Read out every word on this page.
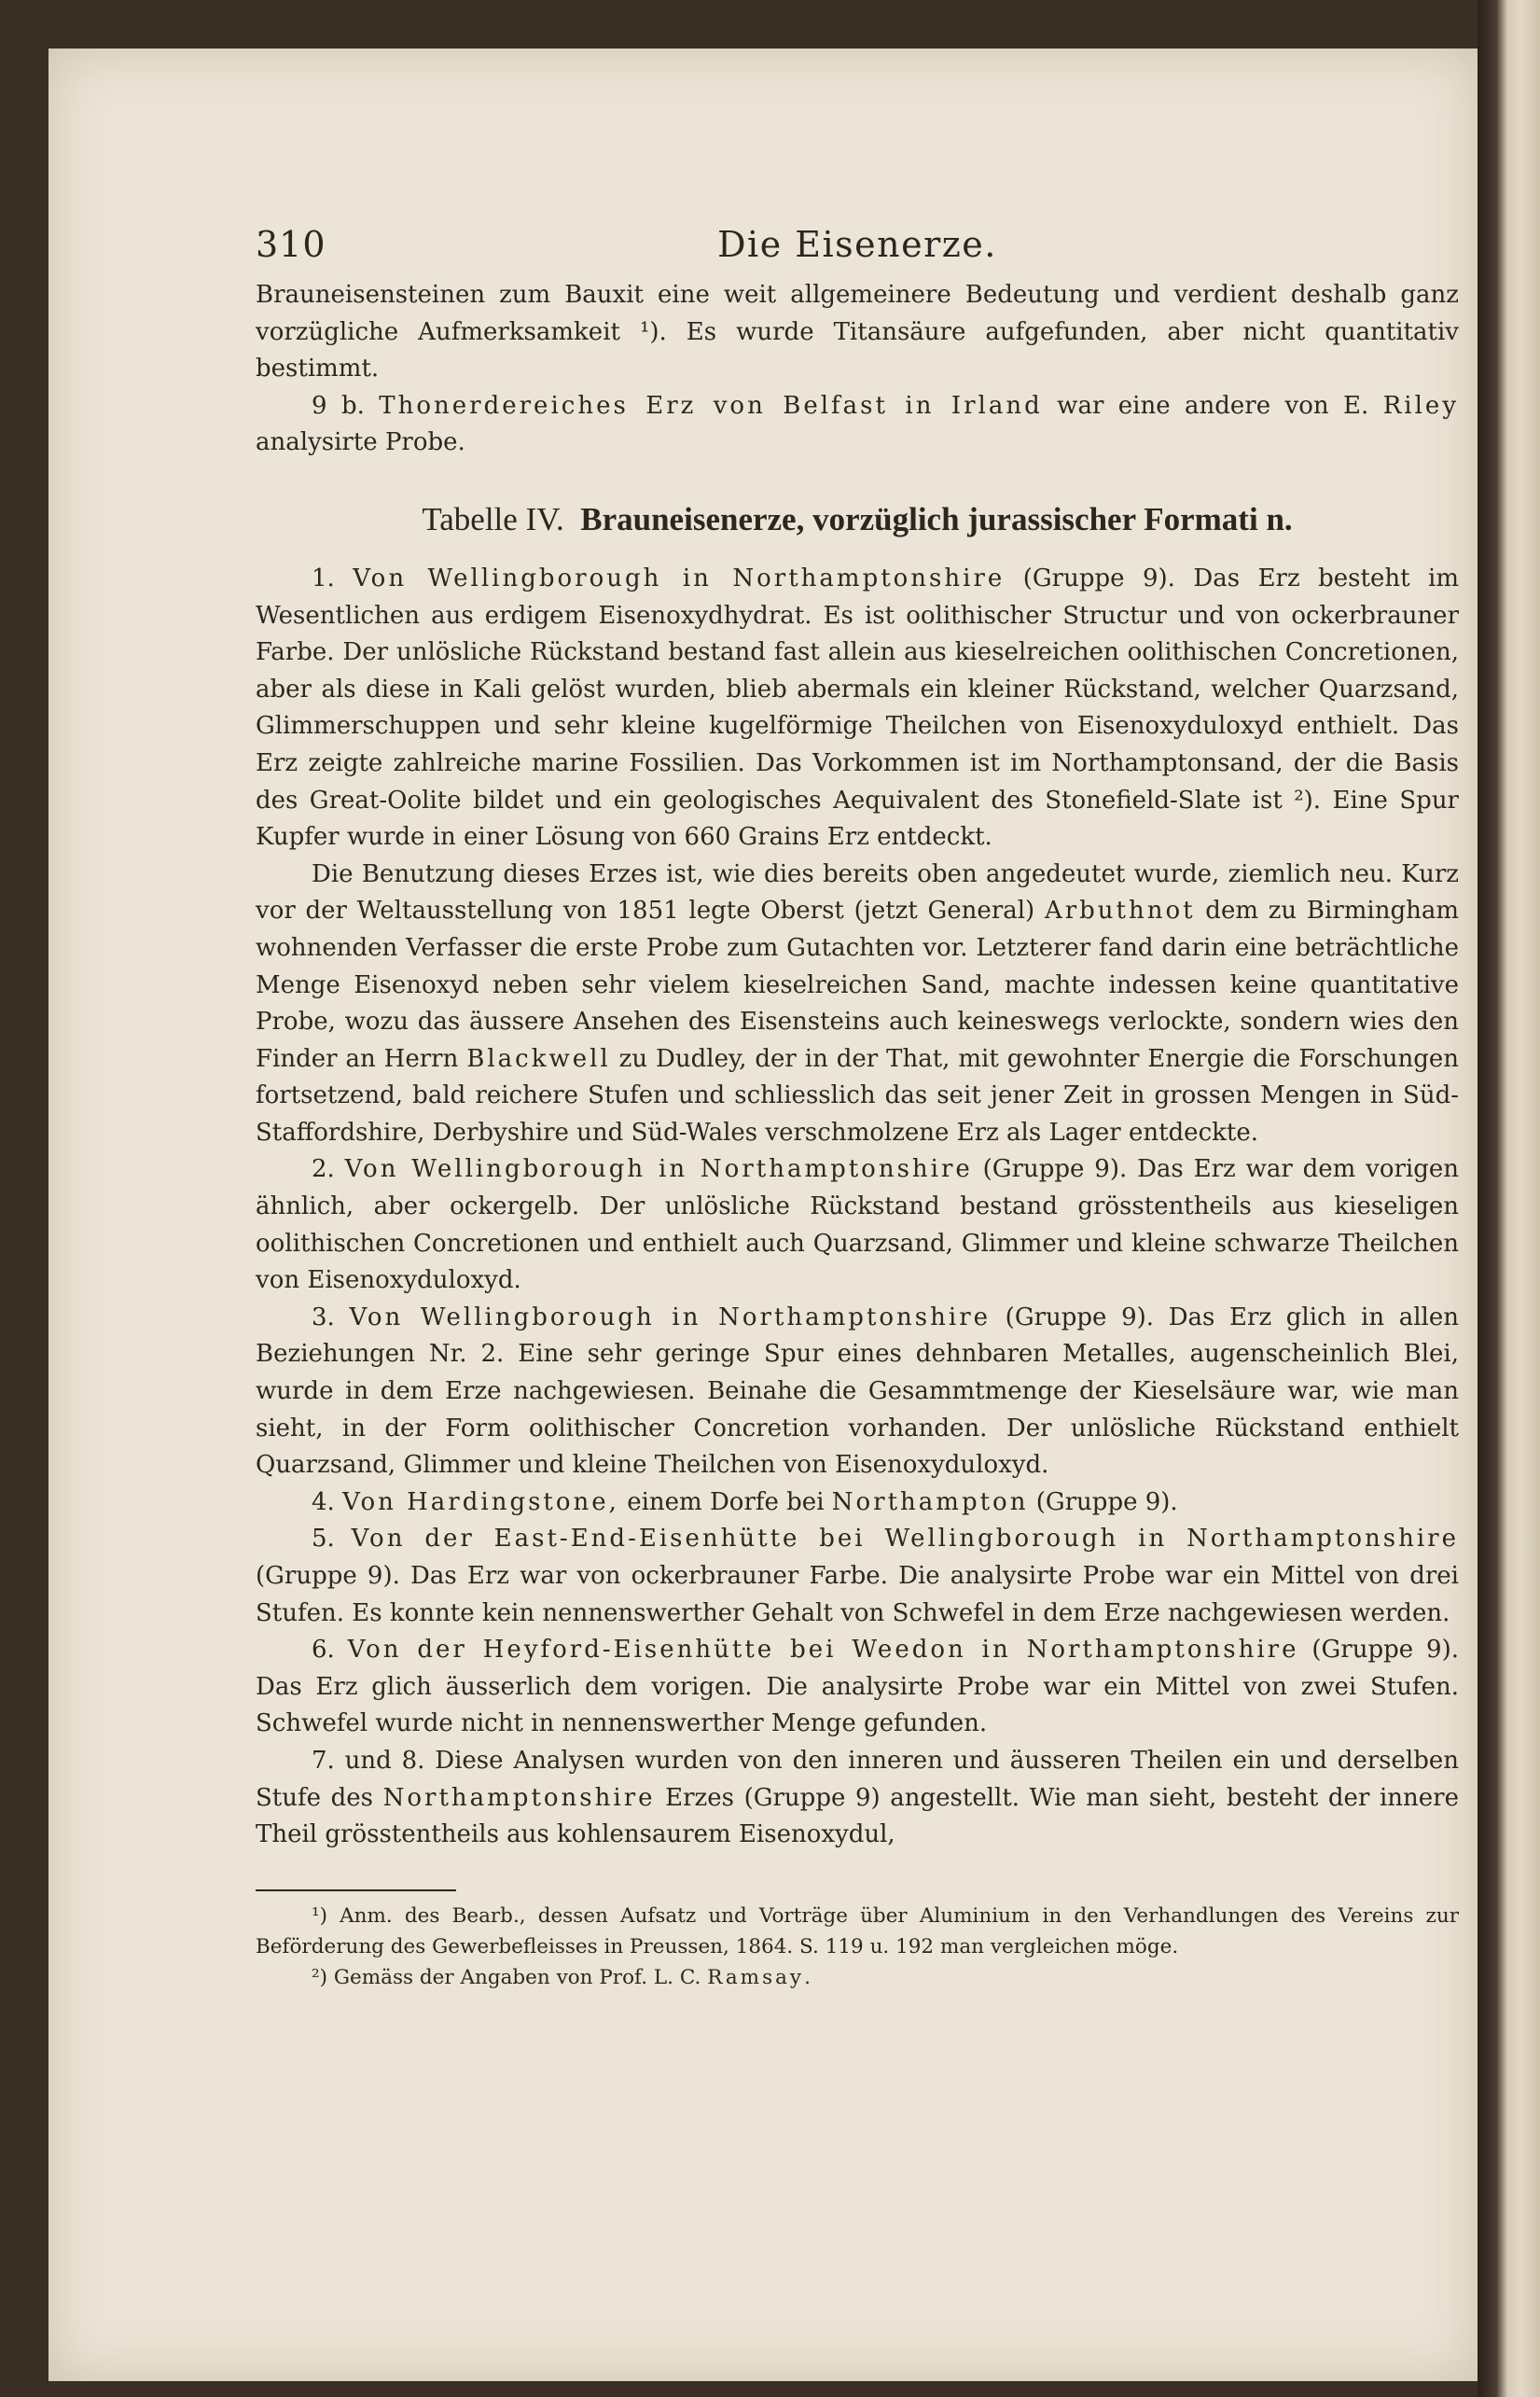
310	Die Eisenerze.

Brauneisensteinen zum Bauxit eine weit allgemeinere Bedeutung und verdient deshalb ganz vorzügliche Aufmerksamkeit ¹). Es wurde Titansäure aufgefunden, aber nicht quantitativ bestimmt.

9 b. Thonerdereiches Erz von Belfast in Irland war eine andere von E. Riley analysirte Probe.

Tabelle IV. Brauneisenerze, vorzüglich jurassischer Formati n.

1. Von Wellingborough in Northamptonshire (Gruppe 9). Das Erz besteht im Wesentlichen aus erdigem Eisenoxydhydrat. Es ist oolithischer Structur und von ockerbrauner Farbe. Der unlösliche Rückstand bestand fast allein aus kieselreichen oolithischen Concretionen, aber als diese in Kali gelöst wurden, blieb abermals ein kleiner Rückstand, welcher Quarzsand, Glimmerschuppen und sehr kleine kugelförmige Theilchen von Eisenoxyduloxyd enthielt. Das Erz zeigte zahlreiche marine Fossilien. Das Vorkommen ist im Northamptonsand, der die Basis des Great-Oolite bildet und ein geologisches Aequivalent des Stonefield-Slate ist ²). Eine Spur Kupfer wurde in einer Lösung von 660 Grains Erz entdeckt.

Die Benutzung dieses Erzes ist, wie dies bereits oben angedeutet wurde, ziemlich neu. Kurz vor der Weltausstellung von 1851 legte Oberst (jetzt General) Arbuthnot dem zu Birmingham wohnenden Verfasser die erste Probe zum Gutachten vor. Letzterer fand darin eine beträchtliche Menge Eisenoxyd neben sehr vielem kieselreichen Sand, machte indessen keine quantitative Probe, wozu das äussere Ansehen des Eisensteins auch keineswegs verlockte, sondern wies den Finder an Herrn Blackwell zu Dudley, der in der That, mit gewohnter Energie die Forschungen fortsetzend, bald reichere Stufen und schliesslich das seit jener Zeit in grossen Mengen in Süd-Staffordshire, Derbyshire und Süd-Wales verschmolzene Erz als Lager entdeckte.

2. Von Wellingborough in Northamptonshire (Gruppe 9). Das Erz war dem vorigen ähnlich, aber ockergelb. Der unlösliche Rückstand bestand grösstentheils aus kieseligen oolithischen Concretionen und enthielt auch Quarzsand, Glimmer und kleine schwarze Theilchen von Eisenoxyduloxyd.

3. Von Wellingborough in Northamptonshire (Gruppe 9). Das Erz glich in allen Beziehungen Nr. 2. Eine sehr geringe Spur eines dehnbaren Metalles, augenscheinlich Blei, wurde in dem Erze nachgewiesen. Beinahe die Gesammtmenge der Kieselsäure war, wie man sieht, in der Form oolithischer Concretion vorhanden. Der unlösliche Rückstand enthielt Quarzsand, Glimmer und kleine Theilchen von Eisenoxyduloxyd.

4. Von Hardingstone, einem Dorfe bei Northampton (Gruppe 9).

5. Von der East-End-Eisenhütte bei Wellingborough in Northamptonshire (Gruppe 9). Das Erz war von ockerbrauner Farbe. Die analysirte Probe war ein Mittel von drei Stufen. Es konnte kein nennenswerther Gehalt von Schwefel in dem Erze nachgewiesen werden.

6. Von der Heyford-Eisenhütte bei Weedon in Northamptonshire (Gruppe 9). Das Erz glich äusserlich dem vorigen. Die analysirte Probe war ein Mittel von zwei Stufen. Schwefel wurde nicht in nennenswerther Menge gefunden.

7. und 8. Diese Analysen wurden von den inneren und äusseren Theilen ein und derselben Stufe des Northamptonshire Erzes (Gruppe 9) angestellt. Wie man sieht, besteht der innere Theil grösstentheils aus kohlensaurem Eisenoxydul,

¹) Anm. des Bearb., dessen Aufsatz und Vorträge über Aluminium in den Verhandlungen des Vereins zur Beförderung des Gewerbefleisses in Preussen, 1864. S. 119 u. 192 man vergleichen möge.

²) Gemäss der Angaben von Prof. L. C. Ramsay.
